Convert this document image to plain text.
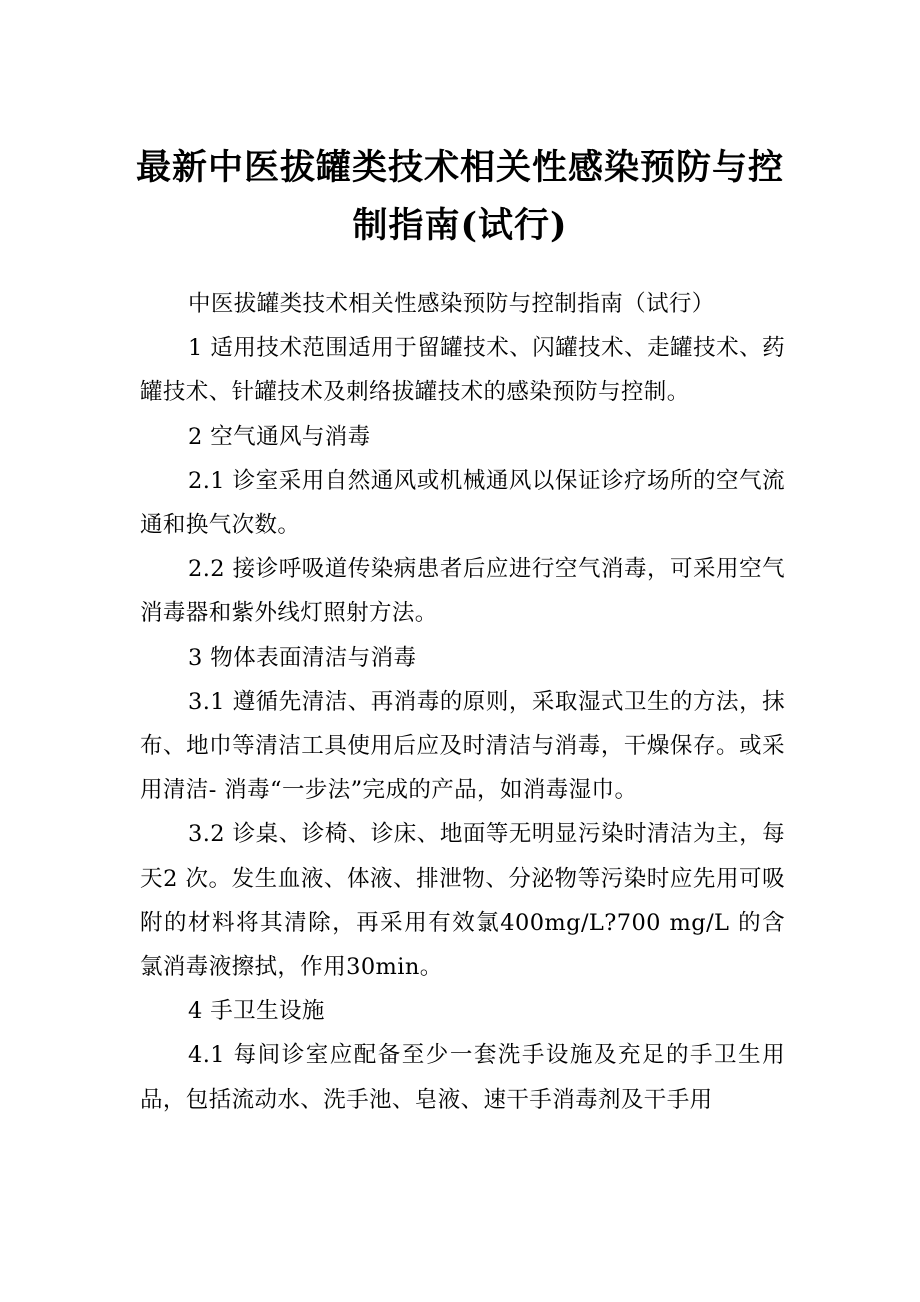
最新中医拔罐类技术相关性感染预防与控
制指南(试行)

中医拔罐类技术相关性感染预防与控制指南（试行）

1 适用技术范围适用于留罐技术、闪罐技术、走罐技术、药罐技术、针罐技术及刺络拔罐技术的感染预防与控制。

2 空气通风与消毒

2.1 诊室采用自然通风或机械通风以保证诊疗场所的空气流通和换气次数。

2.2 接诊呼吸道传染病患者后应进行空气消毒，可采用空气消毒器和紫外线灯照射方法。

3 物体表面清洁与消毒

3.1 遵循先清洁、再消毒的原则，采取湿式卫生的方法，抹布、地巾等清洁工具使用后应及时清洁与消毒，干燥保存。或采用清洁- 消毒“一步法”完成的产品，如消毒湿巾。

3.2 诊桌、诊椅、诊床、地面等无明显污染时清洁为主，每天2 次。发生血液、体液、排泄物、分泌物等污染时应先用可吸附的材料将其清除，再采用有效氯400mg/L?700 mg/L 的含氯消毒液擦拭，作用30min。

4 手卫生设施

4.1 每间诊室应配备至少一套洗手设施及充足的手卫生用品，包括流动水、洗手池、皂液、速干手消毒剂及干手用
